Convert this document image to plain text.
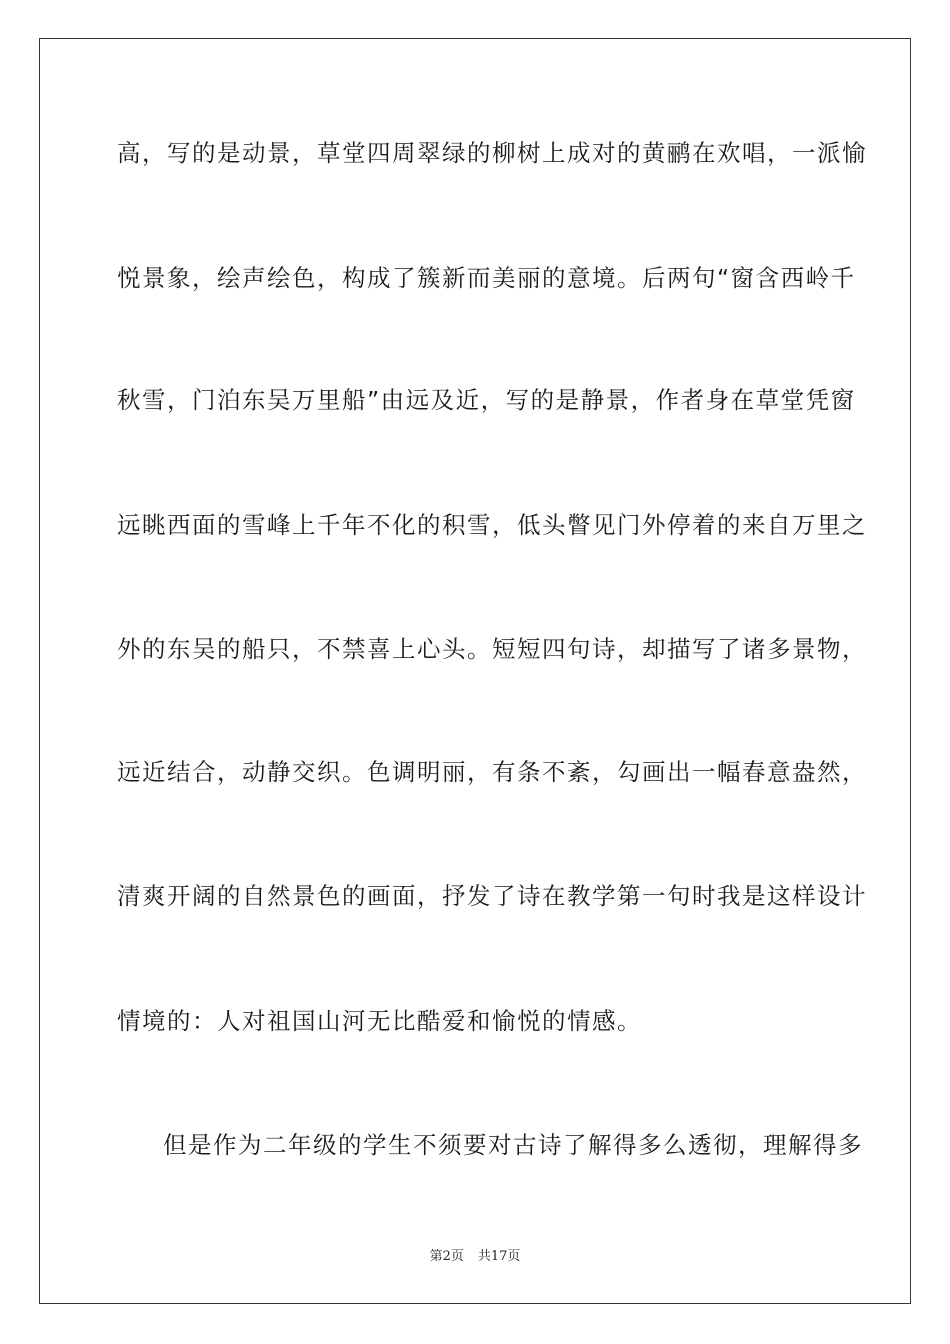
高，写的是动景，草堂四周翠绿的柳树上成对的黄鹂在欢唱，一派愉
悦景象，绘声绘色，构成了簇新而美丽的意境。后两句“窗含西岭千
秋雪，门泊东吴万里船”由远及近，写的是静景，作者身在草堂凭窗
远眺西面的雪峰上千年不化的积雪，低头瞥见门外停着的来自万里之
外的东吴的船只，不禁喜上心头。短短四句诗，却描写了诸多景物，
远近结合，动静交织。色调明丽，有条不紊，勾画出一幅春意盎然，
清爽开阔的自然景色的画面，抒发了诗在教学第一句时我是这样设计
情境的：人对祖国山河无比酷爱和愉悦的情感。
但是作为二年级的学生不须要对古诗了解得多么透彻，理解得多
第2页 共17页
